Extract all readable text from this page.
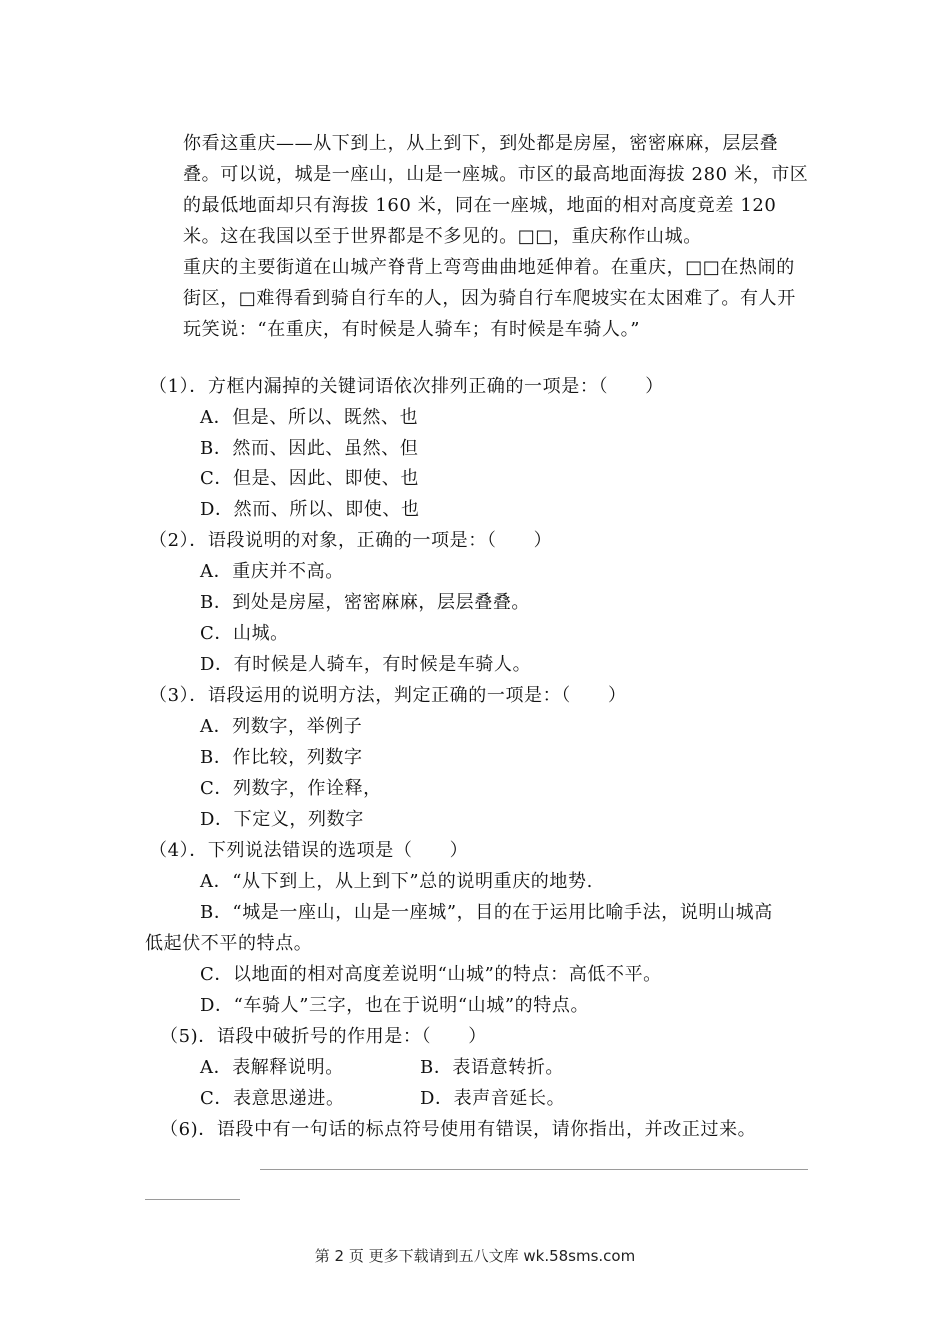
你看这重庆——从下到上，从上到下，到处都是房屋，密密麻麻，层层叠叠。可以说，城是一座山，山是一座城。市区的最高地面海拔 280 米，市区的最低地面却只有海拔 160 米，同在一座城，地面的相对高度竟差 120 米。这在我国以至于世界都是不多见的。□□，重庆称作山城。
重庆的主要街道在山城产脊背上弯弯曲曲地延伸着。在重庆，□□在热闹的街区，□难得看到骑自行车的人，因为骑自行车爬坡实在太困难了。有人开玩笑说：“在重庆，有时候是人骑车；有时候是车骑人。”
（1）．方框内漏掉的关键词语依次排列正确的一项是：（　　）
A．但是、所以、既然、也
B．然而、因此、虽然、但
C．但是、因此、即使、也
D．然而、所以、即使、也
（2）．语段说明的对象，正确的一项是：（　　）
A．重庆并不高。
B．到处是房屋，密密麻麻，层层叠叠。
C．山城。
D．有时候是人骑车，有时候是车骑人。
（3）．语段运用的说明方法，判定正确的一项是：（　　）
A．列数字，举例子
B．作比较，列数字
C．列数字，作诠释，
D．下定义，列数字
（4）．下列说法错误的选项是（　　）
A．“从下到上，从上到下”总的说明重庆的地势.
B．“城是一座山，山是一座城”，目的在于运用比喻手法，说明山城高
低起伏不平的特点。
C．以地面的相对高度差说明“山城”的特点：高低不平。
D．“车骑人”三字，也在于说明“山城”的特点。
（5)．语段中破折号的作用是：（　　）
A．表解释说明。	B．表语意转折。
C．表意思递进。	D．表声音延长。
（6)．语段中有一句话的标点符号使用有错误，请你指出，并改正过来。
第 2 页 更多下载请到五八文库 wk.58sms.com
